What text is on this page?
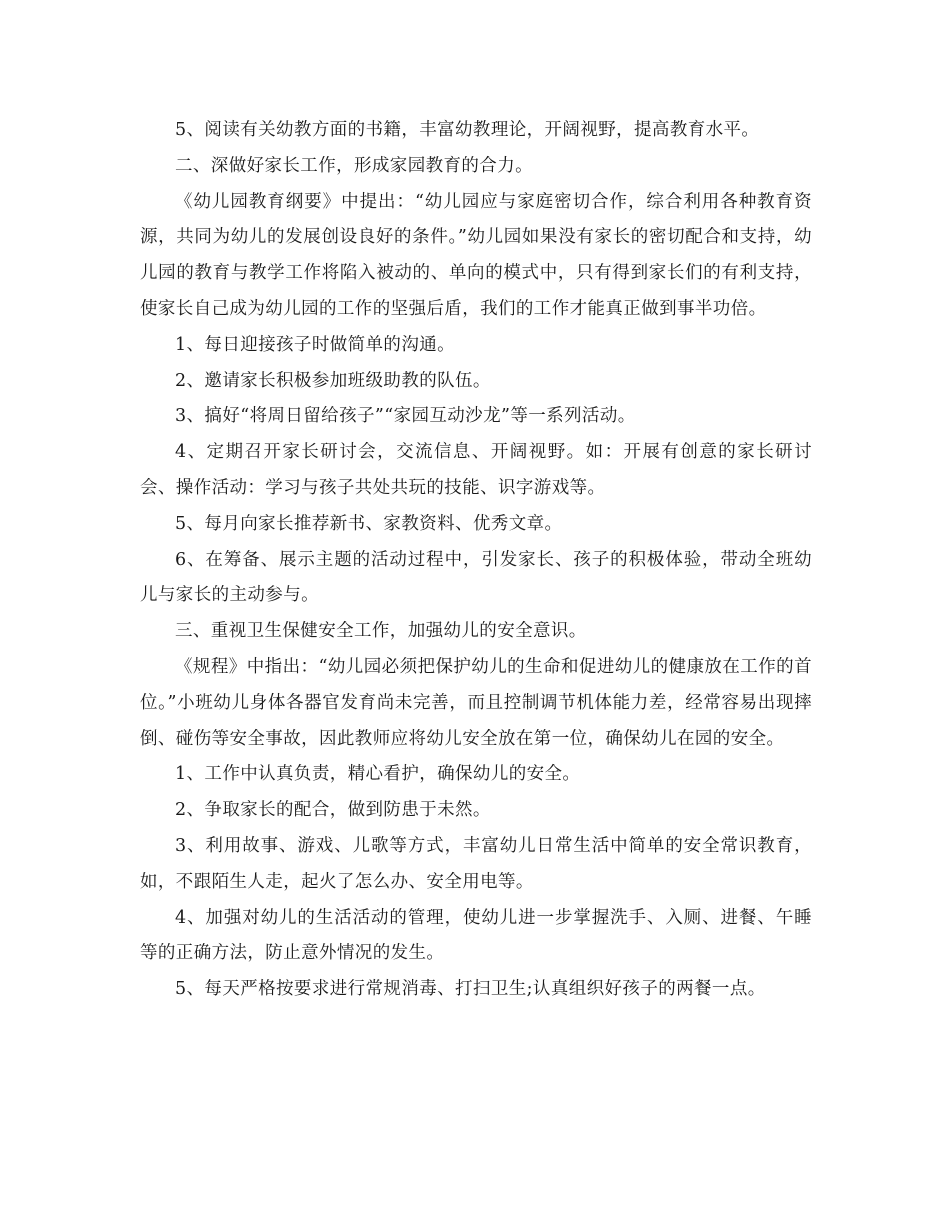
5、阅读有关幼教方面的书籍，丰富幼教理论，开阔视野，提高教育水平。

二、深做好家长工作，形成家园教育的合力。

《幼儿园教育纲要》中提出：“幼儿园应与家庭密切合作，综合利用各种教育资源，共同为幼儿的发展创设良好的条件。”幼儿园如果没有家长的密切配合和支持，幼儿园的教育与教学工作将陷入被动的、单向的模式中，只有得到家长们的有利支持，使家长自己成为幼儿园的工作的坚强后盾，我们的工作才能真正做到事半功倍。

1、每日迎接孩子时做简单的沟通。

2、邀请家长积极参加班级助教的队伍。

3、搞好“将周日留给孩子”“家园互动沙龙”等一系列活动。

4、定期召开家长研讨会，交流信息、开阔视野。如：开展有创意的家长研讨会、操作活动：学习与孩子共处共玩的技能、识字游戏等。

5、每月向家长推荐新书、家教资料、优秀文章。

6、在筹备、展示主题的活动过程中，引发家长、孩子的积极体验，带动全班幼儿与家长的主动参与。

三、重视卫生保健安全工作，加强幼儿的安全意识。

《规程》中指出：“幼儿园必须把保护幼儿的生命和促进幼儿的健康放在工作的首位。”小班幼儿身体各器官发育尚未完善，而且控制调节机体能力差，经常容易出现摔倒、碰伤等安全事故，因此教师应将幼儿安全放在第一位，确保幼儿在园的安全。

1、工作中认真负责，精心看护，确保幼儿的安全。

2、争取家长的配合，做到防患于未然。

3、利用故事、游戏、儿歌等方式，丰富幼儿日常生活中简单的安全常识教育，如，不跟陌生人走，起火了怎么办、安全用电等。

4、加强对幼儿的生活活动的管理，使幼儿进一步掌握洗手、入厕、进餐、午睡等的正确方法，防止意外情况的发生。

5、每天严格按要求进行常规消毒、打扫卫生;认真组织好孩子的两餐一点。
